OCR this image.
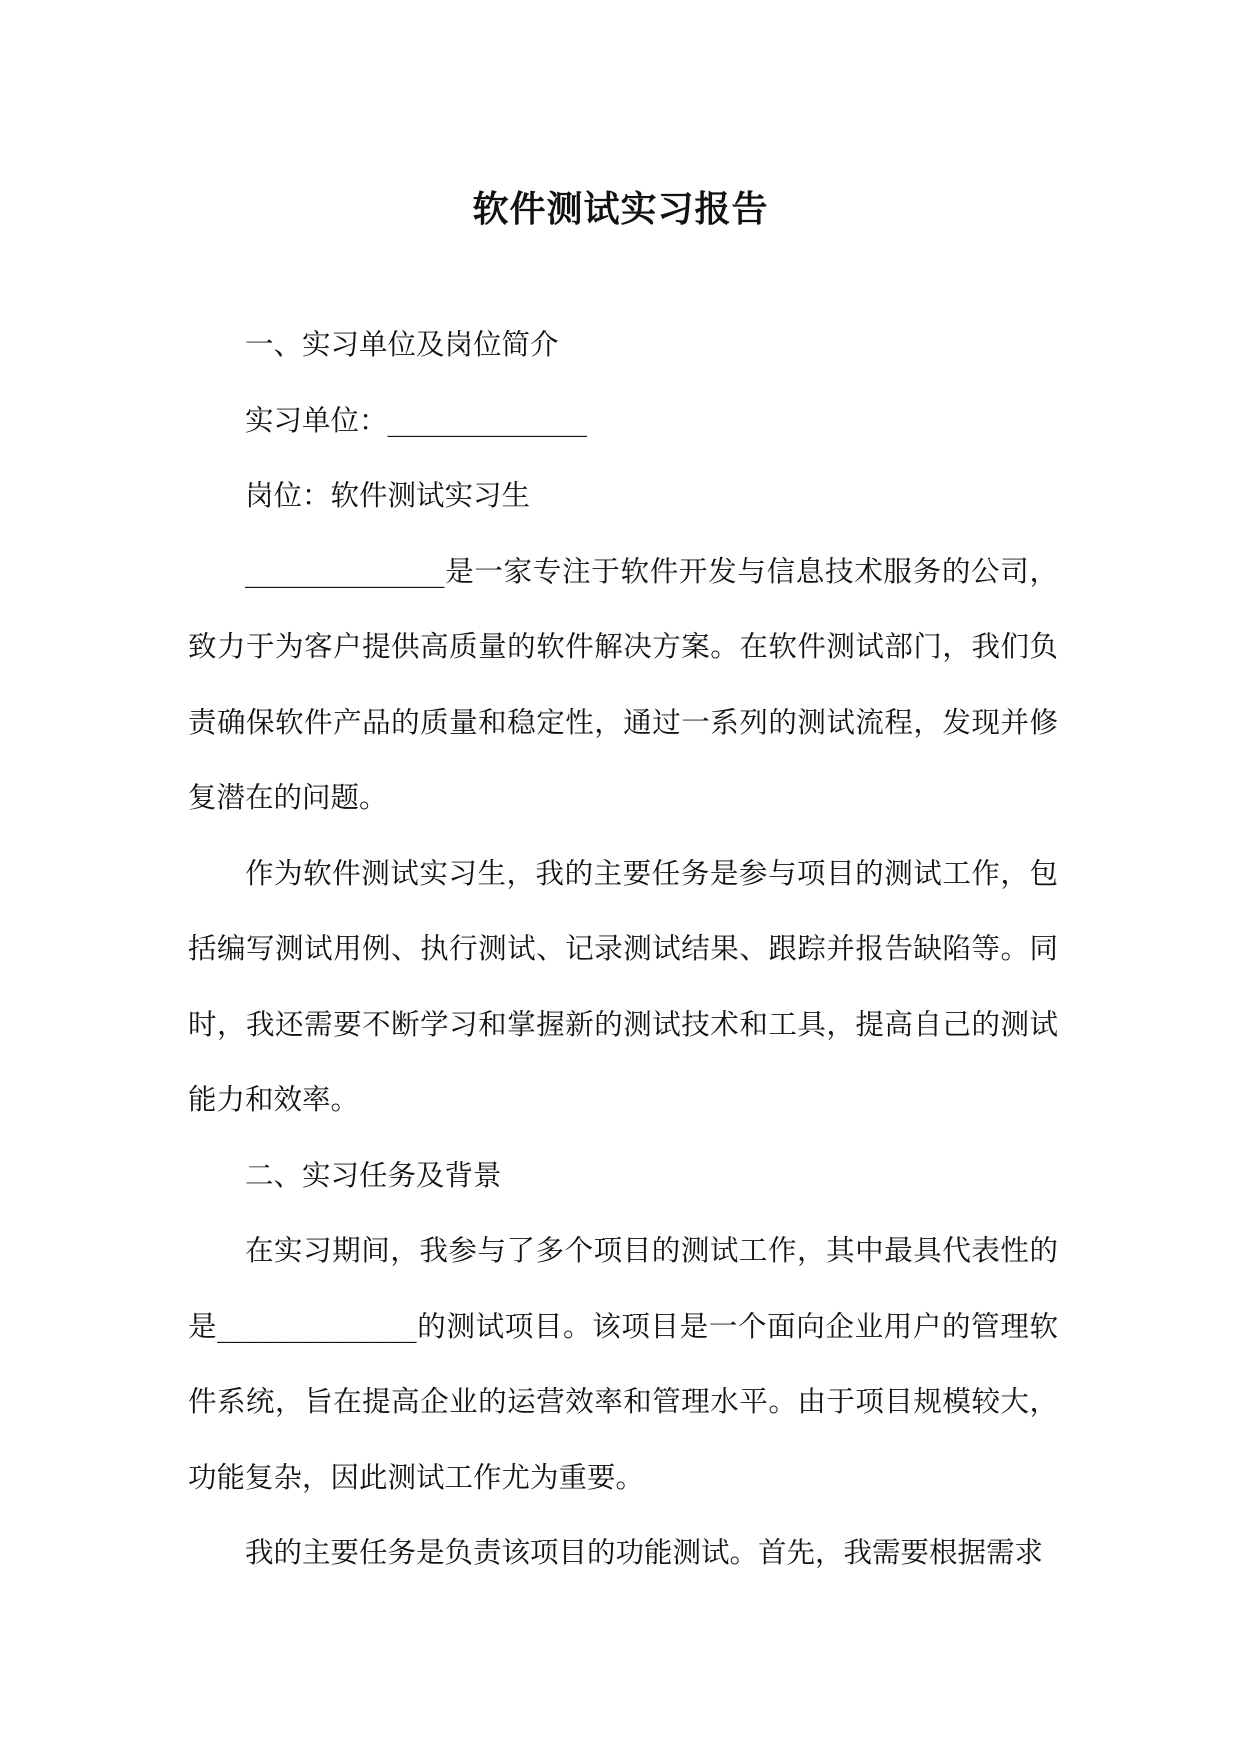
软件测试实习报告

一、实习单位及岗位简介

实习单位：______________

岗位：软件测试实习生

______________是一家专注于软件开发与信息技术服务的公司，致力于为客户提供高质量的软件解决方案。在软件测试部门，我们负责确保软件产品的质量和稳定性，通过一系列的测试流程，发现并修复潜在的问题。

作为软件测试实习生，我的主要任务是参与项目的测试工作，包括编写测试用例、执行测试、记录测试结果、跟踪并报告缺陷等。同时，我还需要不断学习和掌握新的测试技术和工具，提高自己的测试能力和效率。

二、实习任务及背景

在实习期间，我参与了多个项目的测试工作，其中最具代表性的是______________的测试项目。该项目是一个面向企业用户的管理软件系统，旨在提高企业的运营效率和管理水平。由于项目规模较大，功能复杂，因此测试工作尤为重要。

我的主要任务是负责该项目的功能测试。首先，我需要根据需求
